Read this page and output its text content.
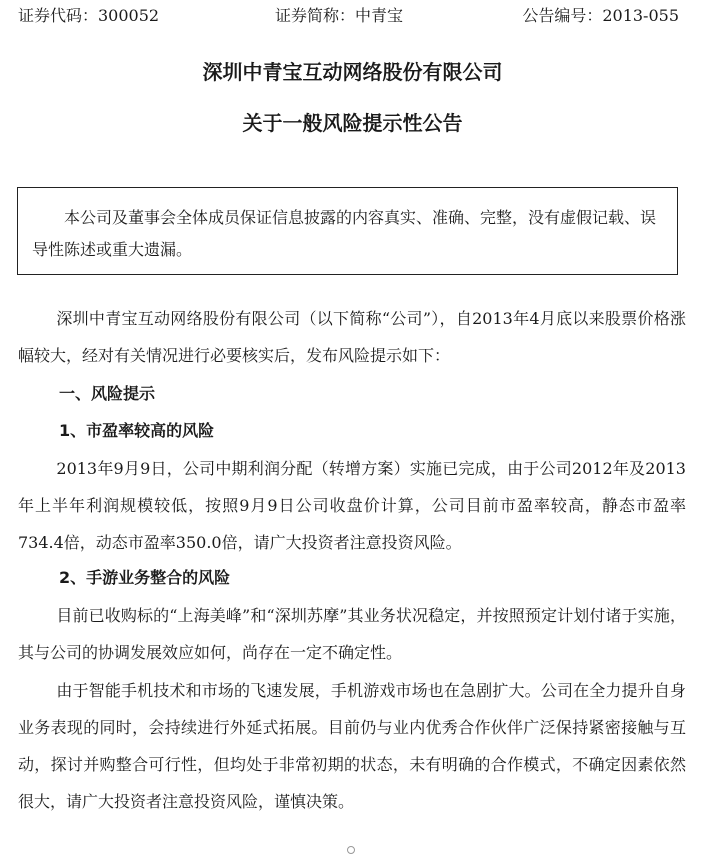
证券代码：300052	证券简称：中青宝	公告编号：2013-055
深圳中青宝互动网络股份有限公司
关于一般风险提示性公告
本公司及董事会全体成员保证信息披露的内容真实、准确、完整，没有虚假记载、误导性陈述或重大遗漏。
深圳中青宝互动网络股份有限公司（以下简称“公司”），自2013年4月底以来股票价格涨幅较大，经对有关情况进行必要核实后，发布风险提示如下：
一、风险提示
1、市盈率较高的风险
2013年9月9日，公司中期利润分配（转增方案）实施已完成，由于公司2012年及2013年上半年利润规模较低，按照9月9日公司收盘价计算，公司目前市盈率较高，静态市盈率734.4倍，动态市盈率350.0倍，请广大投资者注意投资风险。
2、手游业务整合的风险
目前已收购标的“上海美峰”和“深圳苏摩”其业务状况稳定，并按照预定计划付诸于实施，其与公司的协调发展效应如何，尚存在一定不确定性。
由于智能手机技术和市场的飞速发展，手机游戏市场也在急剧扩大。公司在全力提升自身业务表现的同时，会持续进行外延式拓展。目前仍与业内优秀合作伙伴广泛保持紧密接触与互动，探讨并购整合可行性，但均处于非常初期的状态，未有明确的合作模式，不确定因素依然很大，请广大投资者注意投资风险，谨慎决策。
